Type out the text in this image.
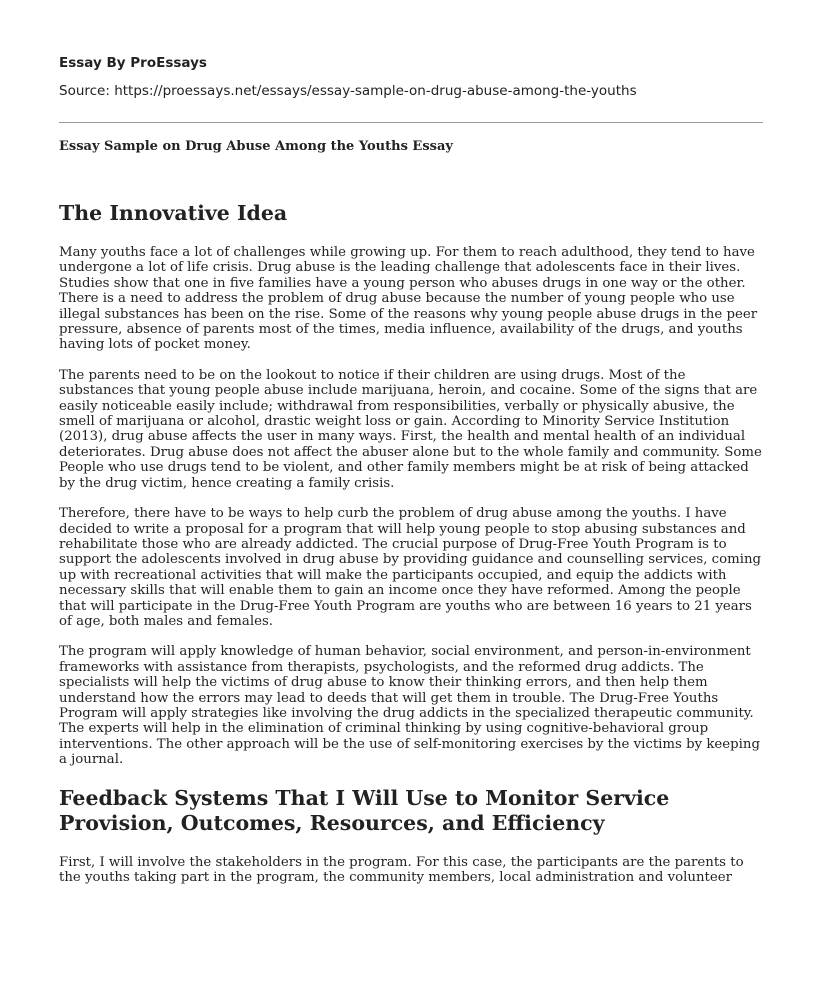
Essay By ProEssays
Source: https://proessays.net/essays/essay-sample-on-drug-abuse-among-the-youths
Essay Sample on Drug Abuse Among the Youths Essay
The Innovative Idea

Many youths face a lot of challenges while growing up. For them to reach adulthood, they tend to have undergone a lot of life crisis. Drug abuse is the leading challenge that adolescents face in their lives. Studies show that one in five families have a young person who abuses drugs in one way or the other. There is a need to address the problem of drug abuse because the number of young people who use illegal substances has been on the rise. Some of the reasons why young people abuse drugs in the peer pressure, absence of parents most of the times, media influence, availability of the drugs, and youths having lots of pocket money.

The parents need to be on the lookout to notice if their children are using drugs. Most of the substances that young people abuse include marijuana, heroin, and cocaine. Some of the signs that are easily noticeable easily include; withdrawal from responsibilities, verbally or physically abusive, the smell of marijuana or alcohol, drastic weight loss or gain. According to Minority Service Institution (2013), drug abuse affects the user in many ways. First, the health and mental health of an individual deteriorates. Drug abuse does not affect the abuser alone but to the whole family and community. Some People who use drugs tend to be violent, and other family members might be at risk of being attacked by the drug victim, hence creating a family crisis.

Therefore, there have to be ways to help curb the problem of drug abuse among the youths. I have decided to write a proposal for a program that will help young people to stop abusing substances and rehabilitate those who are already addicted. The crucial purpose of Drug-Free Youth Program is to support the adolescents involved in drug abuse by providing guidance and counselling services, coming up with recreational activities that will make the participants occupied, and equip the addicts with necessary skills that will enable them to gain an income once they have reformed. Among the people that will participate in the Drug-Free Youth Program are youths who are between 16 years to 21 years of age, both males and females.

The program will apply knowledge of human behavior, social environment, and person-in-environment frameworks with assistance from therapists, psychologists, and the reformed drug addicts. The specialists will help the victims of drug abuse to know their thinking errors, and then help them understand how the errors may lead to deeds that will get them in trouble. The Drug-Free Youths Program will apply strategies like involving the drug addicts in the specialized therapeutic community. The experts will help in the elimination of criminal thinking by using cognitive-behavioral group interventions. The other approach will be the use of self-monitoring exercises by the victims by keeping a journal.

Feedback Systems That I Will Use to Monitor Service Provision, Outcomes, Resources, and Efficiency

First, I will involve the stakeholders in the program. For this case, the participants are the parents to the youths taking part in the program, the community members, local administration and volunteer
